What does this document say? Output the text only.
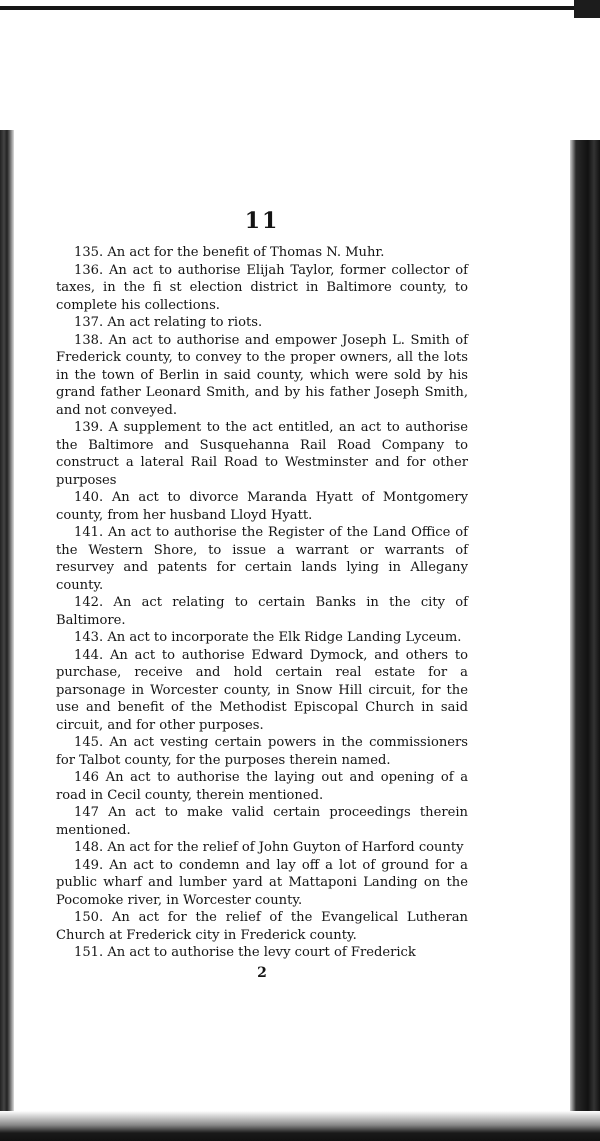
11

135. An act for the benefit of Thomas N. Muhr.

136. An act to authorise Elijah Taylor, former collector of taxes, in the fi st election district in Baltimore county, to complete his collections.

137. An act relating to riots.

138. An act to authorise and empower Joseph L. Smith of Frederick county, to convey to the proper owners, all the lots in the town of Berlin in said county, which were sold by his grand father Leonard Smith, and by his father Joseph Smith, and not conveyed.

139. A supplement to the act entitled, an act to authorise the Baltimore and Susquehanna Rail Road Company to construct a lateral Rail Road to Westminster and for other purposes

140. An act to divorce Maranda Hyatt of Montgomery county, from her husband Lloyd Hyatt.

141. An act to authorise the Register of the Land Office of the Western Shore, to issue a warrant or warrants of resurvey and patents for certain lands lying in Allegany county.

142. An act relating to certain Banks in the city of Baltimore.

143. An act to incorporate the Elk Ridge Landing Lyceum.

144. An act to authorise Edward Dymock, and others to purchase, receive and hold certain real estate for a parsonage in Worcester county, in Snow Hill circuit, for the use and benefit of the Methodist Episcopal Church in said circuit, and for other purposes.

145. An act vesting certain powers in the commissioners for Talbot county, for the purposes therein named.

146 An act to authorise the laying out and opening of a road in Cecil county, therein mentioned.

147 An act to make valid certain proceedings therein mentioned.

148. An act for the relief of John Guyton of Harford county

149. An act to condemn and lay off a lot of ground for a public wharf and lumber yard at Mattaponi Landing on the Pocomoke river, in Worcester county.

150. An act for the relief of the Evangelical Lutheran Church at Frederick city in Frederick county.

151. An act to authorise the levy court of Frederick

2
